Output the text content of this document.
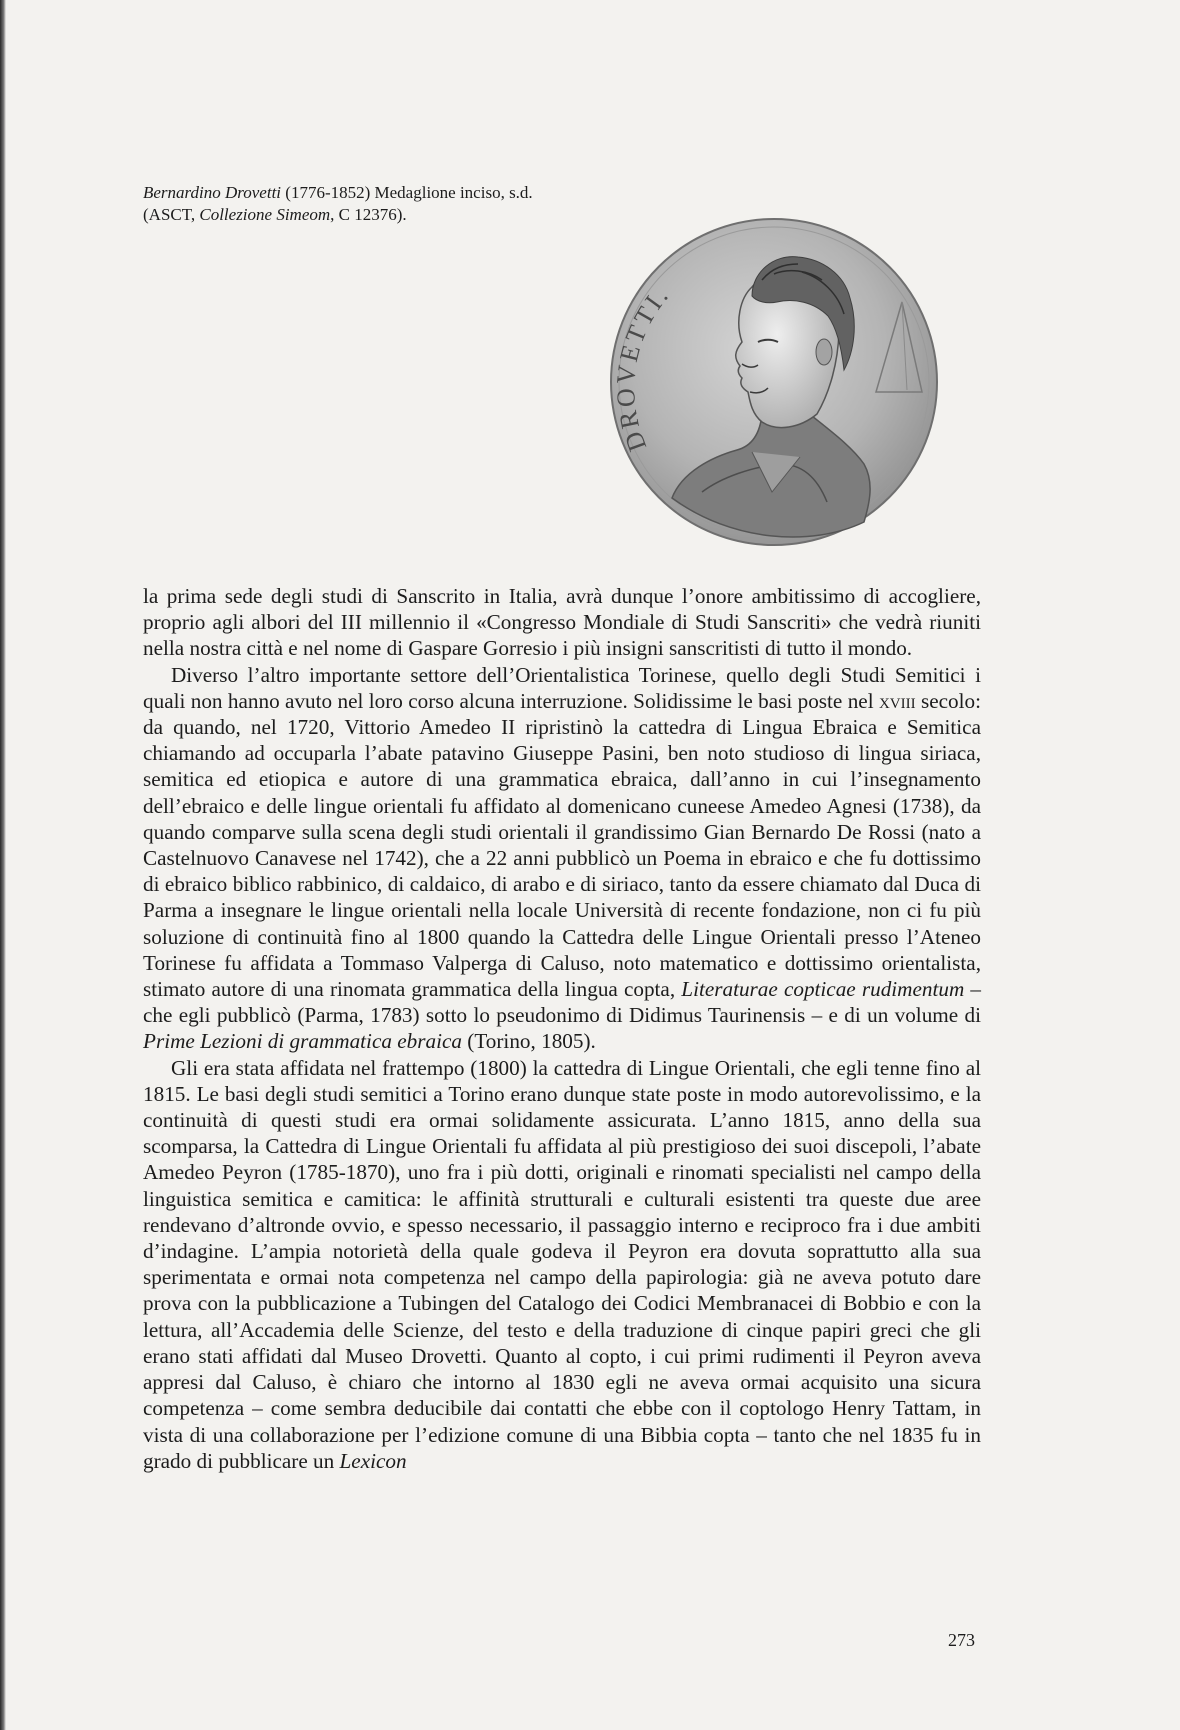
Bernardino Drovetti (1776-1852) Medaglione inciso, s.d. (ASCT, Collezione Simeom, C 12376).
DROVETTI.

la prima sede degli studi di Sanscrito in Italia, avrà dunque l’onore ambitissimo di accogliere, proprio agli albori del III millennio il «Congresso Mondiale di Studi Sanscriti» che vedrà riuniti nella nostra città e nel nome di Gaspare Gorresio i più insigni sanscritisti di tutto il mondo.

Diverso l’altro importante settore dell’Orientalistica Torinese, quello degli Studi Semitici i quali non hanno avuto nel loro corso alcuna interruzione. Solidissime le basi poste nel xviii secolo: da quando, nel 1720, Vittorio Amedeo II ripristinò la cattedra di Lingua Ebraica e Semitica chiamando ad occuparla l’abate patavino Giuseppe Pasini, ben noto studioso di lingua siriaca, semitica ed etiopica e autore di una grammatica ebraica, dall’anno in cui l’insegnamento dell’ebraico e delle lingue orientali fu affidato al domenicano cuneese Amedeo Agnesi (1738), da quando comparve sulla scena degli studi orientali il grandissimo Gian Bernardo De Rossi (nato a Castelnuovo Canavese nel 1742), che a 22 anni pubblicò un Poema in ebraico e che fu dottissimo di ebraico biblico rabbinico, di caldaico, di arabo e di siriaco, tanto da essere chiamato dal Duca di Parma a insegnare le lingue orientali nella locale Università di recente fondazione, non ci fu più soluzione di continuità fino al 1800 quando la Cattedra delle Lingue Orientali presso l’Ateneo Torinese fu affidata a Tommaso Valperga di Caluso, noto matematico e dottissimo orientalista, stimato autore di una rinomata grammatica della lingua copta, Literaturae copticae rudimentum – che egli pubblicò (Parma, 1783) sotto lo pseudonimo di Didimus Taurinensis – e di un volume di Prime Lezioni di grammatica ebraica (Torino, 1805).

Gli era stata affidata nel frattempo (1800) la cattedra di Lingue Orientali, che egli tenne fino al 1815. Le basi degli studi semitici a Torino erano dunque state poste in modo autorevolissimo, e la continuità di questi studi era ormai solidamente assicurata. L’anno 1815, anno della sua scomparsa, la Cattedra di Lingue Orientali fu affidata al più prestigioso dei suoi discepoli, l’abate Amedeo Peyron (1785-1870), uno fra i più dotti, originali e rinomati specialisti nel campo della linguistica semitica e camitica: le affinità strutturali e culturali esistenti tra queste due aree rendevano d’altronde ovvio, e spesso necessario, il passaggio interno e reciproco fra i due ambiti d’indagine. L’ampia notorietà della quale godeva il Peyron era dovuta soprattutto alla sua sperimentata e ormai nota competenza nel campo della papirologia: già ne aveva potuto dare prova con la pubblicazione a Tubingen del Catalogo dei Codici Membranacei di Bobbio e con la lettura, all’Accademia delle Scienze, del testo e della traduzione di cinque papiri greci che gli erano stati affidati dal Museo Drovetti. Quanto al copto, i cui primi rudimenti il Peyron aveva appresi dal Caluso, è chiaro che intorno al 1830 egli ne aveva ormai acquisito una sicura competenza – come sembra deducibile dai contatti che ebbe con il coptologo Henry Tattam, in vista di una collaborazione per l’edizione comune di una Bibbia copta – tanto che nel 1835 fu in grado di pubblicare un Lexicon

273
